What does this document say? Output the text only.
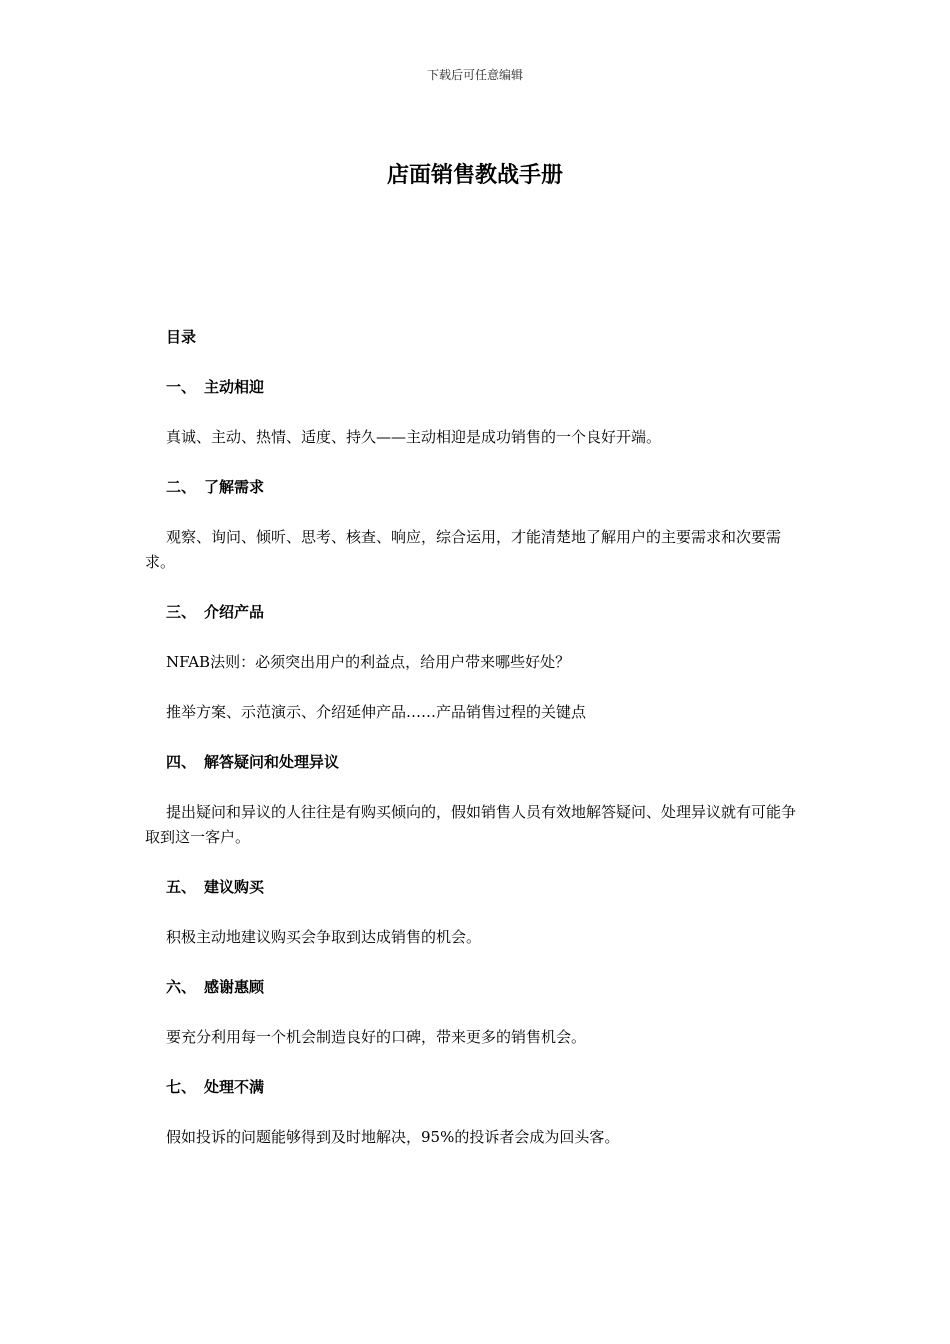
下载后可任意编辑
店面销售教战手册

目录

一、 主动相迎

真诚、主动、热情、适度、持久——主动相迎是成功销售的一个良好开端。

二、 了解需求

观察、询问、倾听、思考、核查、响应，综合运用，才能清楚地了解用户的主要需求和次要需求。

三、 介绍产品

NFAB法则：必须突出用户的利益点，给用户带来哪些好处？

推举方案、示范演示、介绍延伸产品……产品销售过程的关键点

四、 解答疑问和处理异议

提出疑问和异议的人往往是有购买倾向的，假如销售人员有效地解答疑问、处理异议就有可能争取到这一客户。

五、 建议购买

积极主动地建议购买会争取到达成销售的机会。

六、 感谢惠顾

要充分利用每一个机会制造良好的口碑，带来更多的销售机会。

七、 处理不满

假如投诉的问题能够得到及时地解决，95%的投诉者会成为回头客。
